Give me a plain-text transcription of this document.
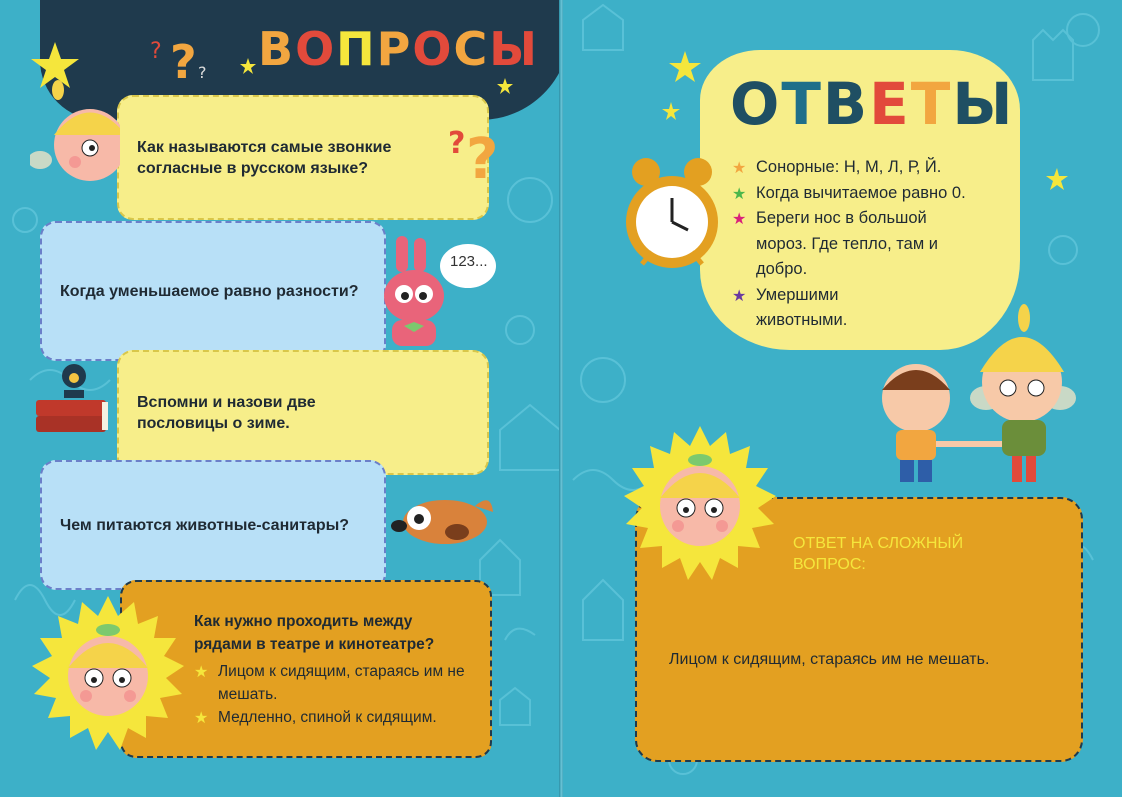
ВОПРОСЫ
? ? ?
Как называются самые звонкие согласные в русском языке?
? ?
Когда уменьшаемое равно разности?
123...
Вспомни и назови две пословицы о зиме.
Чем питаются животные-санитары?
Как нужно проходить между рядами в театре и кинотеатре?
★ Лицом к сидящим, стараясь им не мешать.
★ Медленно, спиной к сидящим.
ОТВЕТЫ
★ Сонорные: Н, М, Л, Р, Й.
★ Когда вычитаемое равно 0.
★ Береги нос в большой мороз. Где тепло, там и добро.
★ Умершими животными.
ОТВЕТ НА СЛОЖНЫЙ ВОПРОС:
Лицом к сидящим, стараясь им не мешать.
